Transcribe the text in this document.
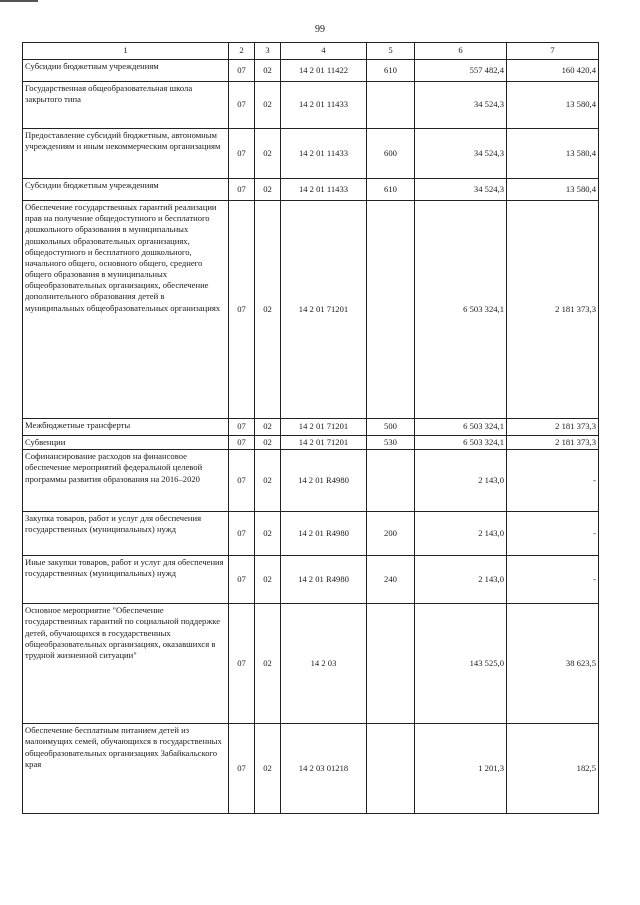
99
1	2	3	4	5	6	7
Субсидии бюджетным учреждениям	07	02	14 2 01 11422	610	557 482,4	160 420,4
Государственная общеобразовательная школа закрытого типа	07	02	14 2 01 11433		34 524,3	13 580,4
Предоставление субсидий бюджетным, автономным учреждениям и иным некоммерческим организациям	07	02	14 2 01 11433	600	34 524,3	13 580,4
Субсидии бюджетным учреждениям	07	02	14 2 01 11433	610	34 524,3	13 580,4
Обеспечение государственных гарантий реализации прав на получение общедоступного и бесплатного дошкольного образования в муниципальных дошкольных образовательных организациях, общедоступного и бесплатного дошкольного, начального общего, основного общего, среднего общего образования в муниципальных общеобразовательных организациях, обеспечение дополнительного образования детей в муниципальных общеобразовательных организациях	07	02	14 2 01 71201		6 503 324,1	2 181 373,3
Межбюджетные трансферты	07	02	14 2 01 71201	500	6 503 324,1	2 181 373,3
Субвенции	07	02	14 2 01 71201	530	6 503 324,1	2 181 373,3
Софинансирование расходов на финансовое обеспечение мероприятий федеральной целевой программы развития образования на 2016–2020	07	02	14 2 01 R4980		2 143,0	-
Закупка товаров, работ и услуг для обеспечения государственных (муниципальных) нужд	07	02	14 2 01 R4980	200	2 143,0	-
Иные закупки товаров, работ и услуг для обеспечения государственных (муниципальных) нужд	07	02	14 2 01 R4980	240	2 143,0	-
Основное мероприятие "Обеспечение государственных гарантий по социальной поддержке детей, обучающихся в государственных общеобразовательных организациях, оказавшихся в трудной жизненной ситуации"	07	02	14 2 03		143 525,0	38 623,5
Обеспечение бесплатным питанием детей из малоимущих семей, обучающихся в государственных общеобразовательных организациях Забайкальского края	07	02	14 2 03 01218		1 201,3	182,5
